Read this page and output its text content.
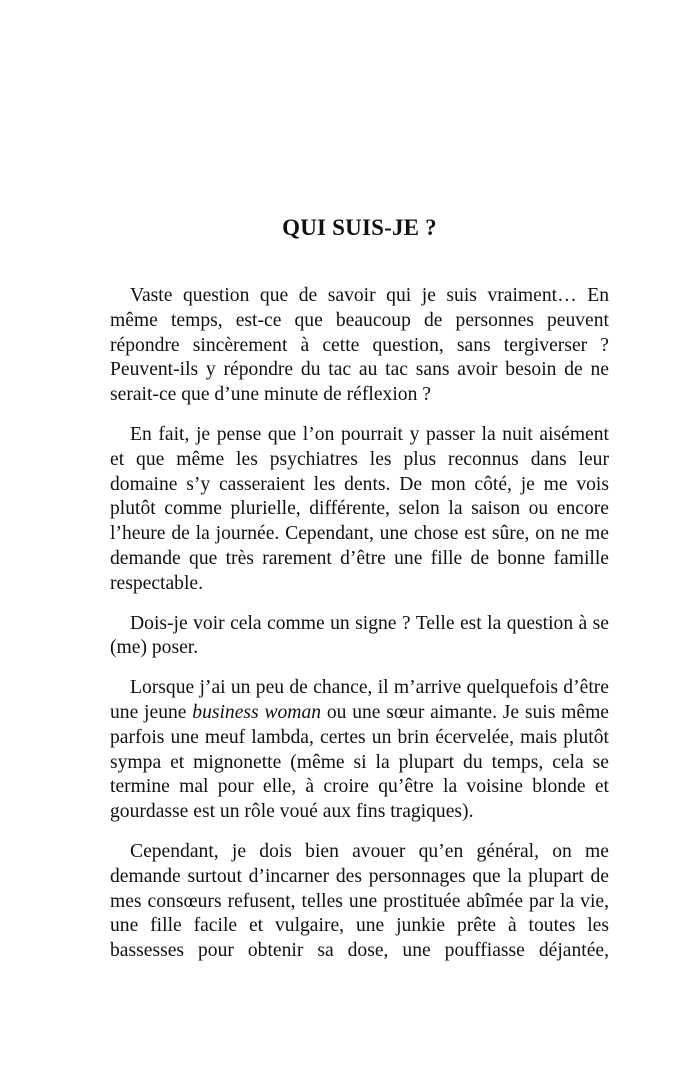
QUI SUIS-JE ?

Vaste question que de savoir qui je suis vraiment… En même temps, est-ce que beaucoup de personnes peuvent répondre sincèrement à cette question, sans tergiverser ? Peuvent-ils y répondre du tac au tac sans avoir besoin de ne serait-ce que d’une minute de réflexion ?

En fait, je pense que l’on pourrait y passer la nuit aisément et que même les psychiatres les plus reconnus dans leur domaine s’y casseraient les dents. De mon côté, je me vois plutôt comme plurielle, différente, selon la saison ou encore l’heure de la journée. Cependant, une chose est sûre, on ne me demande que très rarement d’être une fille de bonne famille respectable.

Dois-je voir cela comme un signe ? Telle est la question à se (me) poser.

Lorsque j’ai un peu de chance, il m’arrive quelquefois d’être une jeune business woman ou une sœur aimante. Je suis même parfois une meuf lambda, certes un brin écervelée, mais plutôt sympa et mignonette (même si la plupart du temps, cela se termine mal pour elle, à croire qu’être la voisine blonde et gourdasse est un rôle voué aux fins tragiques).

Cependant, je dois bien avouer qu’en général, on me demande surtout d’incarner des personnages que la plupart de mes consœurs refusent, telles une prostituée abîmée par la vie, une fille facile et vulgaire, une junkie prête à toutes les bassesses pour obtenir sa dose, une pouffiasse déjantée,
